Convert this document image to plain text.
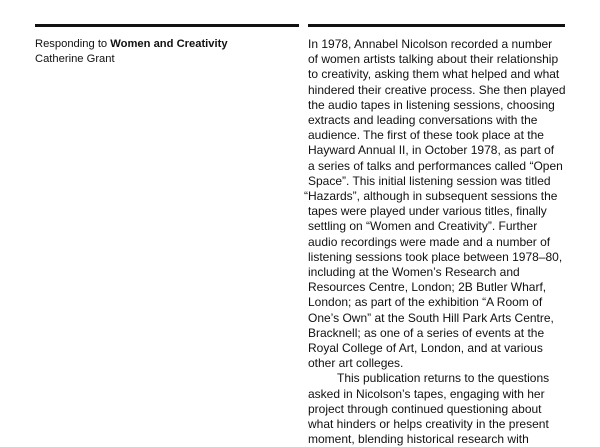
Responding to Women and Creativity
Catherine Grant
In 1978, Annabel Nicolson recorded a number
of women artists talking about their relationship
to creativity, asking them what helped and what
hindered their creative process. She then played
the audio tapes in listening sessions, choosing
extracts and leading conversations with the
audience. The first of these took place at the
Hayward Annual II, in October 1978, as part of
a series of talks and performances called “Open
Space”. This initial listening session was titled
“Hazards”, although in subsequent sessions the
tapes were played under various titles, finally
settling on “Women and Creativity”. Further
audio recordings were made and a number of
listening sessions took place between 1978–80,
including at the Women’s Research and
Resources Centre, London; 2B Butler Wharf,
London; as part of the exhibition “A Room of
One’s Own” at the South Hill Park Arts Centre,
Bracknell; as one of a series of events at the
Royal College of Art, London, and at various
other art colleges.
This publication returns to the questions
asked in Nicolson’s tapes, engaging with her
project through continued questioning about
what hinders or helps creativity in the present
moment, blending historical research with
